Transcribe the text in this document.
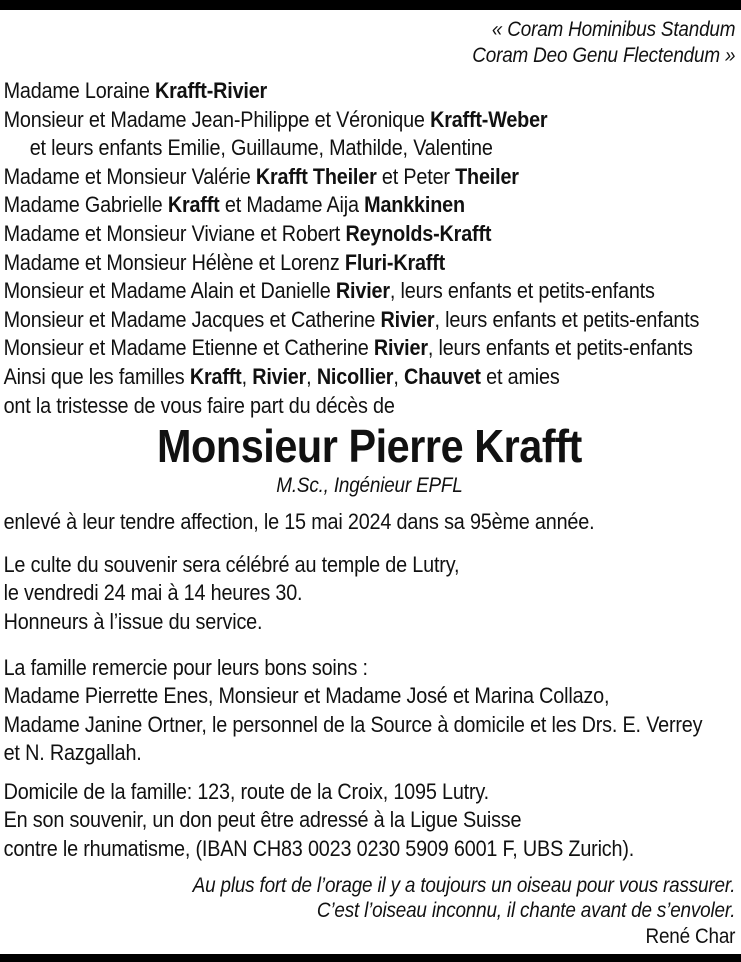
« Coram Hominibus Standum
Coram Deo Genu Flectendum »
Madame Loraine Krafft-Rivier
Monsieur et Madame Jean-Philippe et Véronique Krafft-Weber
et leurs enfants Emilie, Guillaume, Mathilde, Valentine
Madame et Monsieur Valérie Krafft Theiler et Peter Theiler
Madame Gabrielle Krafft et Madame Aija Mankkinen
Madame et Monsieur Viviane et Robert Reynolds-Krafft
Madame et Monsieur Hélène et Lorenz Fluri-Krafft
Monsieur et Madame Alain et Danielle Rivier, leurs enfants et petits-enfants
Monsieur et Madame Jacques et Catherine Rivier, leurs enfants et petits-enfants
Monsieur et Madame Etienne et Catherine Rivier, leurs enfants et petits-enfants
Ainsi que les familles Krafft, Rivier, Nicollier, Chauvet et amies
ont la tristesse de vous faire part du décès de
Monsieur Pierre Krafft
M.Sc., Ingénieur EPFL
enlevé à leur tendre affection, le 15 mai 2024 dans sa 95ème année.
Le culte du souvenir sera célébré au temple de Lutry,
le vendredi 24 mai à 14 heures 30.
Honneurs à l’issue du service.
La famille remercie pour leurs bons soins :
Madame Pierrette Enes, Monsieur et Madame José et Marina Collazo,
Madame Janine Ortner, le personnel de la Source à domicile et les Drs. E. Verrey
et N. Razgallah.
Domicile de la famille: 123, route de la Croix, 1095 Lutry.
En son souvenir, un don peut être adressé à la Ligue Suisse
contre le rhumatisme, (IBAN CH83 0023 0230 5909 6001 F, UBS Zurich).
Au plus fort de l’orage il y a toujours un oiseau pour vous rassurer.
C’est l’oiseau inconnu, il chante avant de s’envoler.
René Char
